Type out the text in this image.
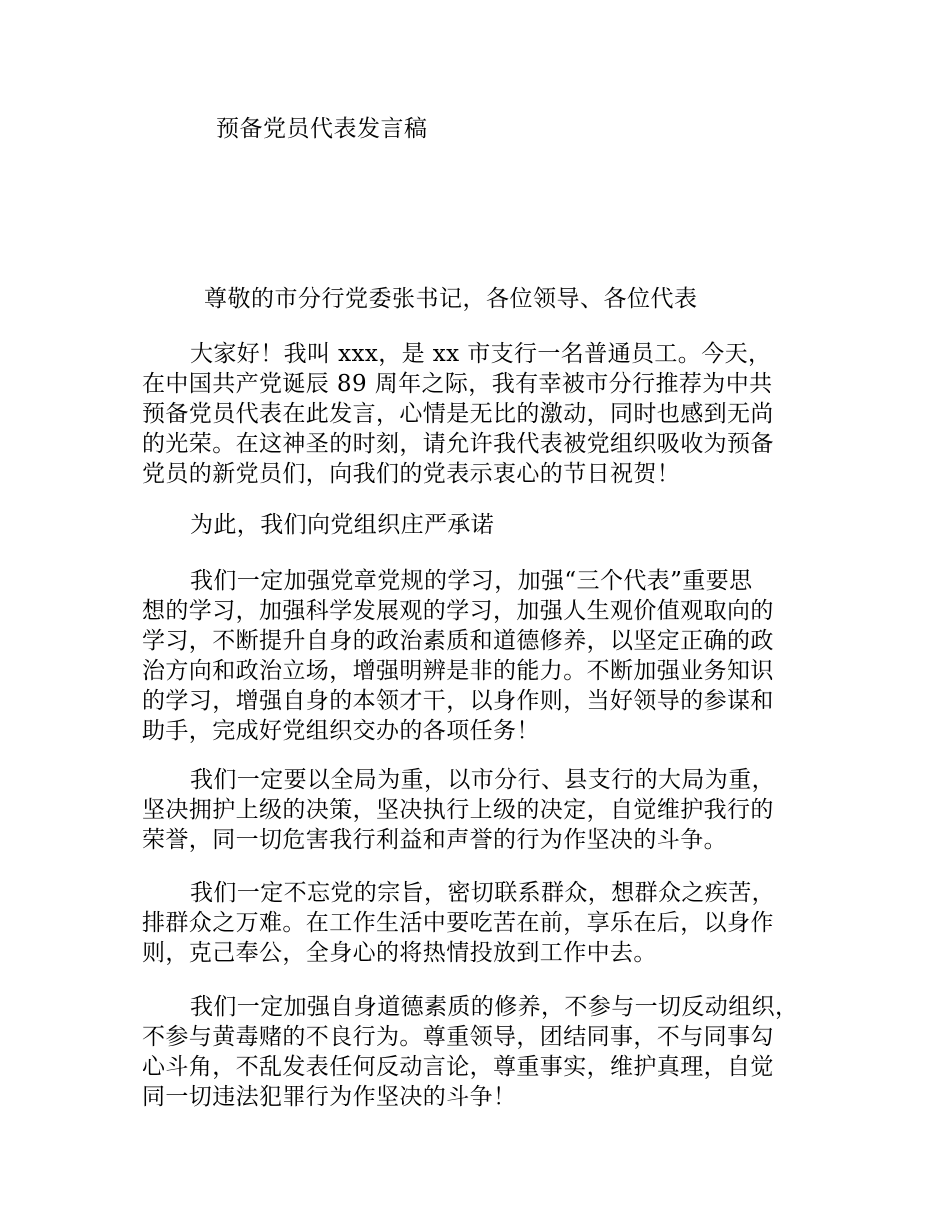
预备党员代表发言稿
尊敬的市分行党委张书记，各位领导、各位代表
大家好！我叫 xxx，是 xx 市支行一名普通员工。今天，
在中国共产党诞辰 89 周年之际，我有幸被市分行推荐为中共
预备党员代表在此发言，心情是无比的激动，同时也感到无尚
的光荣。在这神圣的时刻，请允许我代表被党组织吸收为预备
党员的新党员们，向我们的党表示衷心的节日祝贺！
为此，我们向党组织庄严承诺
我们一定加强党章党规的学习，加强“三个代表”重要思
想的学习，加强科学发展观的学习，加强人生观价值观取向的
学习，不断提升自身的政治素质和道德修养，以坚定正确的政
治方向和政治立场，增强明辨是非的能力。不断加强业务知识
的学习，增强自身的本领才干，以身作则，当好领导的参谋和
助手，完成好党组织交办的各项任务！
我们一定要以全局为重，以市分行、县支行的大局为重，
坚决拥护上级的决策，坚决执行上级的决定，自觉维护我行的
荣誉，同一切危害我行利益和声誉的行为作坚决的斗争。
我们一定不忘党的宗旨，密切联系群众，想群众之疾苦，
排群众之万难。在工作生活中要吃苦在前，享乐在后，以身作
则，克己奉公，全身心的将热情投放到工作中去。
我们一定加强自身道德素质的修养，不参与一切反动组织，
不参与黄毒赌的不良行为。尊重领导，团结同事，不与同事勾
心斗角，不乱发表任何反动言论，尊重事实，维护真理，自觉
同一切违法犯罪行为作坚决的斗争！
